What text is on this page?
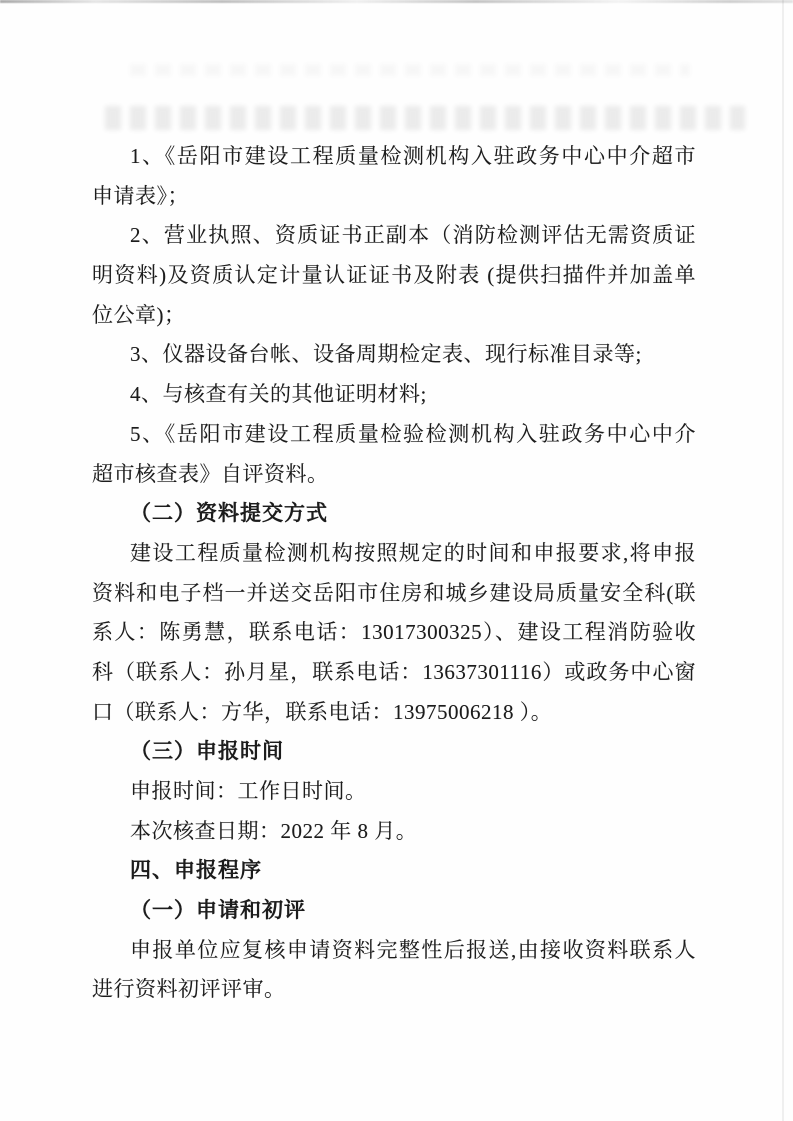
1、《岳阳市建设工程质量检测机构入驻政务中心中介超市
申请表》；
2、营业执照、资质证书正副本（消防检测评估无需资质证
明资料)及资质认定计量认证证书及附表 (提供扫描件并加盖单
位公章)；
3、仪器设备台帐、设备周期检定表、现行标准目录等;
4、与核查有关的其他证明材料;
5、《岳阳市建设工程质量检验检测机构入驻政务中心中介
超市核查表》自评资料。
（二）资料提交方式
建设工程质量检测机构按照规定的时间和申报要求,将申报
资料和电子档一并送交岳阳市住房和城乡建设局质量安全科(联
系人：陈勇慧，联系电话：13017300325）、建设工程消防验收
科（联系人：孙月星，联系电话：13637301116）或政务中心窗
口（联系人：方华，联系电话：13975006218 ）。
（三）申报时间
申报时间：工作日时间。
本次核查日期：2022 年 8 月。
四、申报程序
（一）申请和初评
申报单位应复核申请资料完整性后报送,由接收资料联系人
进行资料初评评审。
